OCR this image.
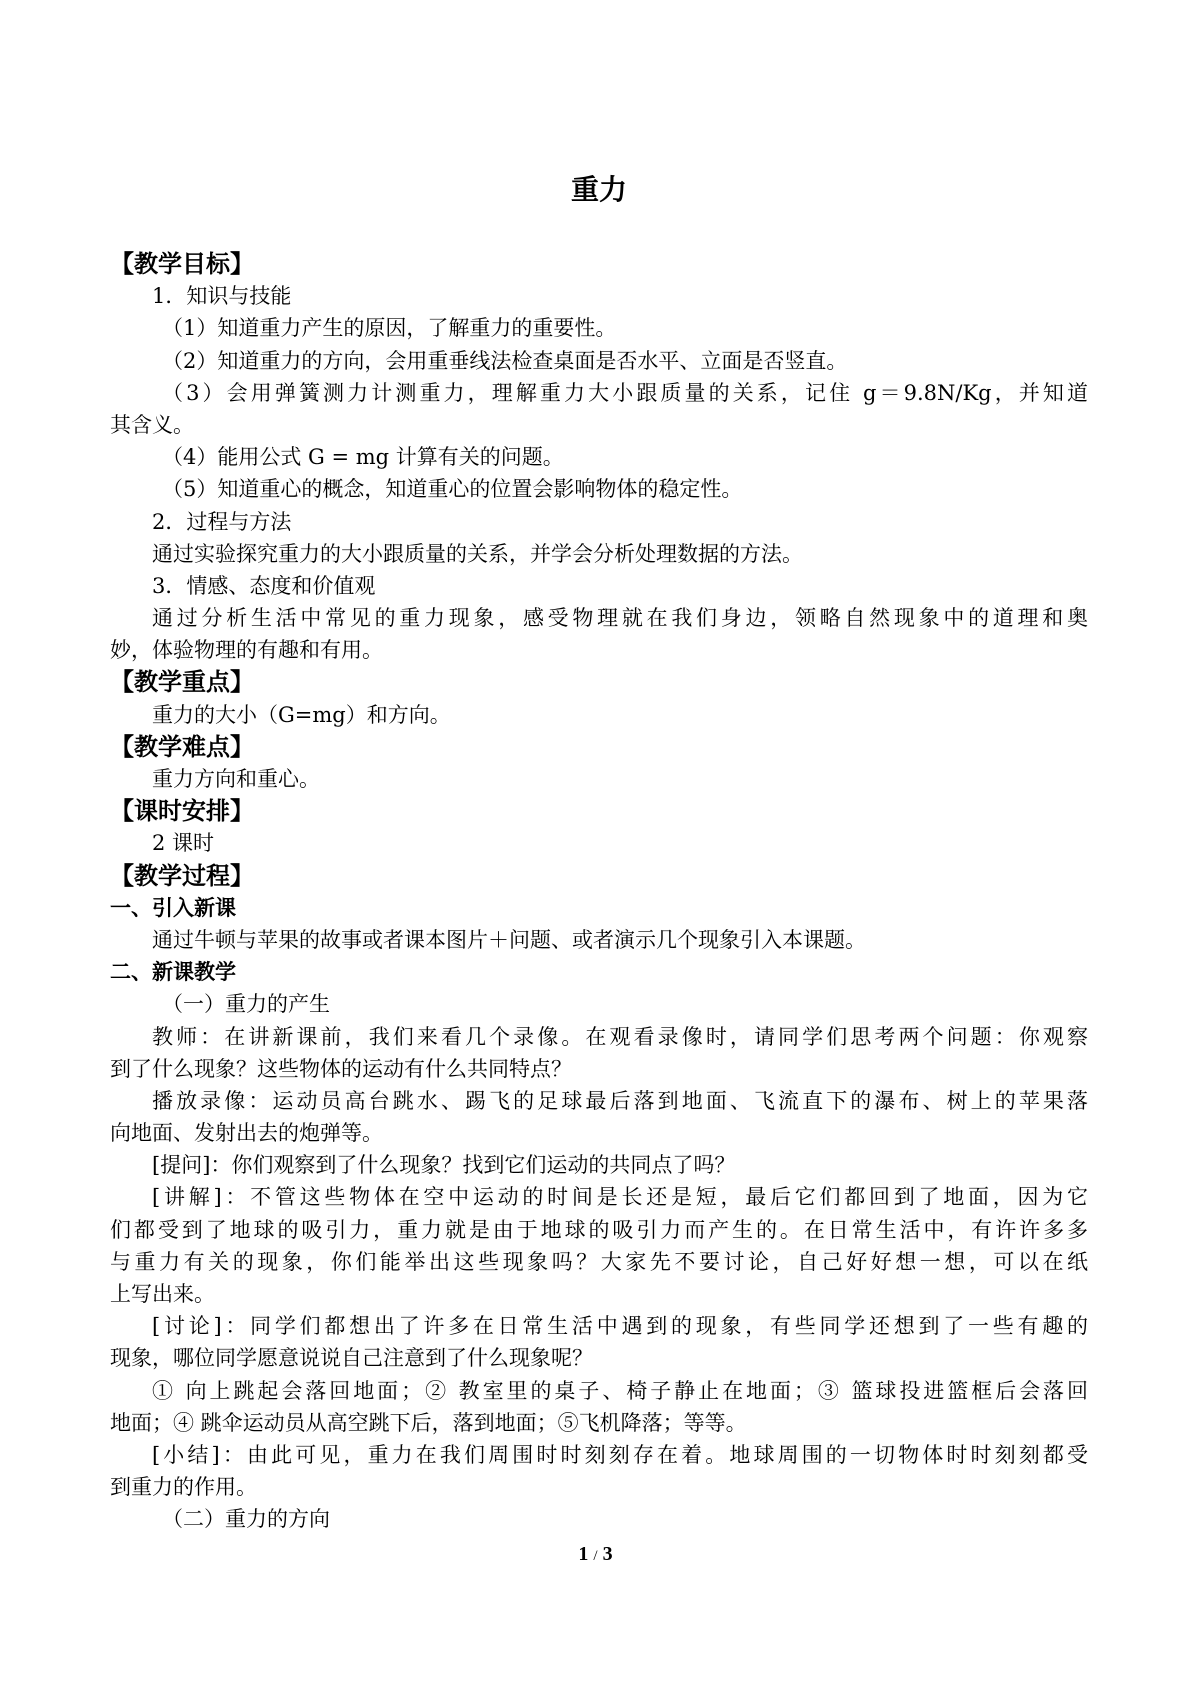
重力
【教学目标】
1．知识与技能
（1）知道重力产生的原因，了解重力的重要性。
（2）知道重力的方向，会用重垂线法检查桌面是否水平、立面是否竖直。
（3）会用弹簧测力计测重力，理解重力大小跟质量的关系，记住 g＝9.8N/Kg，并知道
其含义。
（4）能用公式 G = mg 计算有关的问题。
（5）知道重心的概念，知道重心的位置会影响物体的稳定性。
2．过程与方法
通过实验探究重力的大小跟质量的关系，并学会分析处理数据的方法。
3．情感、态度和价值观
通过分析生活中常见的重力现象，感受物理就在我们身边，领略自然现象中的道理和奥
妙，体验物理的有趣和有用。
【教学重点】
重力的大小（G=mg）和方向。
【教学难点】
重力方向和重心。
【课时安排】
2 课时
【教学过程】
一、引入新课
通过牛顿与苹果的故事或者课本图片＋问题、或者演示几个现象引入本课题。
二、新课教学
（一）重力的产生
教师：在讲新课前，我们来看几个录像。在观看录像时，请同学们思考两个问题：你观察
到了什么现象？这些物体的运动有什么共同特点？
播放录像：运动员高台跳水、踢飞的足球最后落到地面、飞流直下的瀑布、树上的苹果落
向地面、发射出去的炮弹等。
[提问]：你们观察到了什么现象？找到它们运动的共同点了吗？
[讲解]：不管这些物体在空中运动的时间是长还是短，最后它们都回到了地面，因为它
们都受到了地球的吸引力，重力就是由于地球的吸引力而产生的。在日常生活中，有许许多多
与重力有关的现象，你们能举出这些现象吗？大家先不要讨论，自己好好想一想，可以在纸
上写出来。
[讨论]：同学们都想出了许多在日常生活中遇到的现象，有些同学还想到了一些有趣的
现象，哪位同学愿意说说自己注意到了什么现象呢？
① 向上跳起会落回地面；② 教室里的桌子、椅子静止在地面；③ 篮球投进篮框后会落回
地面；④ 跳伞运动员从高空跳下后，落到地面；⑤飞机降落；等等。
[小结]：由此可见，重力在我们周围时时刻刻存在着。地球周围的一切物体时时刻刻都受
到重力的作用。
（二）重力的方向
1 / 3
